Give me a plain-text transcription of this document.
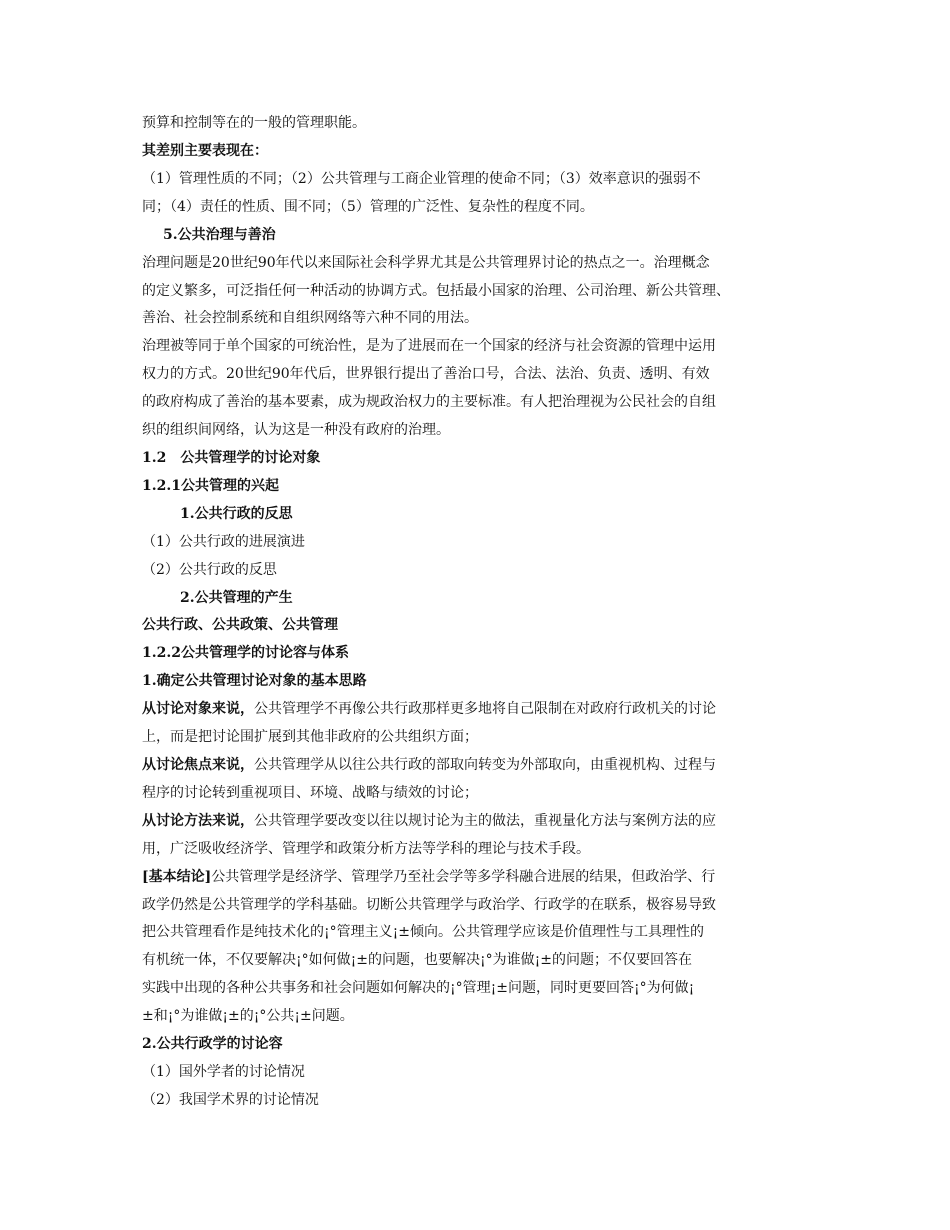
预算和控制等在的一般的管理职能。
其差别主要表现在：
（1）管理性质的不同；（2）公共管理与工商企业管理的使命不同；（3）效率意识的强弱不
同；（4）责任的性质、围不同；（5）管理的广泛性、复杂性的程度不同。
5.公共治理与善治
治理问题是20世纪90年代以来国际社会科学界尤其是公共管理界讨论的热点之一。治理概念
的定义繁多，可泛指任何一种活动的协调方式。包括最小国家的治理、公司治理、新公共管理、
善治、社会控制系统和自组织网络等六种不同的用法。
治理被等同于单个国家的可统治性，是为了进展而在一个国家的经济与社会资源的管理中运用
权力的方式。20世纪90年代后，世界银行提出了善治口号，合法、法治、负责、透明、有效
的政府构成了善治的基本要素，成为规政治权力的主要标准。有人把治理视为公民社会的自组
织的组织间网络，认为这是一种没有政府的治理。
1.2　公共管理学的讨论对象
1.2.1公共管理的兴起
1.公共行政的反思
（1）公共行政的进展演进
（2）公共行政的反思
2.公共管理的产生
公共行政、公共政策、公共管理
1.2.2公共管理学的讨论容与体系
1.确定公共管理讨论对象的基本思路
从讨论对象来说，公共管理学不再像公共行政那样更多地将自己限制在对政府行政机关的讨论
上，而是把讨论围扩展到其他非政府的公共组织方面；
从讨论焦点来说，公共管理学从以往公共行政的部取向转变为外部取向，由重视机构、过程与
程序的讨论转到重视项目、环境、战略与绩效的讨论；
从讨论方法来说，公共管理学要改变以往以规讨论为主的做法，重视量化方法与案例方法的应
用，广泛吸收经济学、管理学和政策分析方法等学科的理论与技术手段。
[基本结论]公共管理学是经济学、管理学乃至社会学等多学科融合进展的结果，但政治学、行
政学仍然是公共管理学的学科基础。切断公共管理学与政治学、行政学的在联系，极容易导致
把公共管理看作是纯技术化的¡°管理主义¡±倾向。公共管理学应该是价值理性与工具理性的
有机统一体，不仅要解决¡°如何做¡±的问题，也要解决¡°为谁做¡±的问题；不仅要回答在
实践中出现的各种公共事务和社会问题如何解决的¡°管理¡±问题，同时更要回答¡°为何做¡
±和¡°为谁做¡±的¡°公共¡±问题。
2.公共行政学的讨论容
（1）国外学者的讨论情况
（2）我国学术界的讨论情况
